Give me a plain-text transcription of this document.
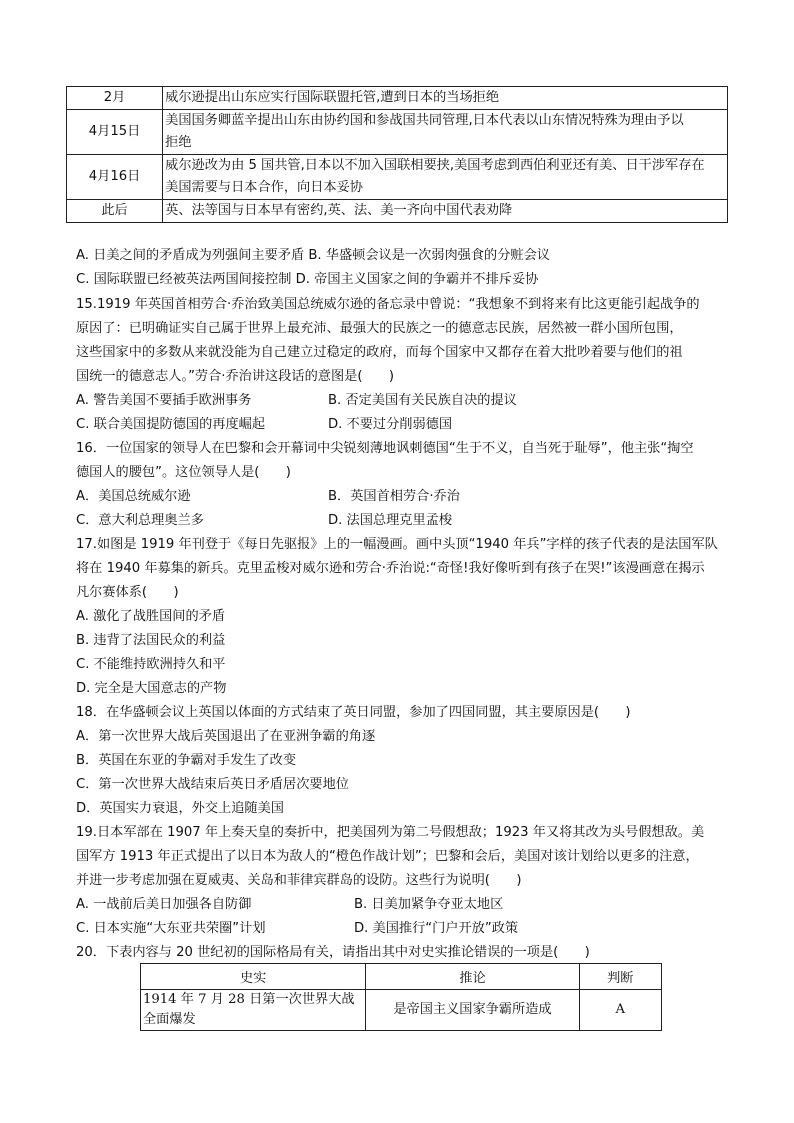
2月	威尔逊提出山东应实行国际联盟托管,遭到日本的当场拒绝
4月15日	美国国务卿蓝辛提出山东由协约国和参战国共同管理,日本代表以山东情况特殊为理由予以
拒绝
4月16日	威尔逊改为由 5 国共管,日本以不加入国联相要挟,美国考虑到西伯利亚还有美、日干涉军存在
美国需要与日本合作，向日本妥协
此后	英、法等国与日本早有密约,英、法、美一齐向中国代表劝降
A. 日美之间的矛盾成为列强间主要矛盾 B. 华盛顿会议是一次弱肉强食的分赃会议
C. 国际联盟已经被英法两国间接控制 D. 帝国主义国家之间的争霸并不排斥妥协
15.1919 年英国首相劳合·乔治致美国总统威尔逊的备忘录中曾说：“我想象不到将来有比这更能引起战争的
原因了：已明确证实自己属于世界上最充沛、最强大的民族之一的德意志民族，居然被一群小国所包围，
这些国家中的多数从来就没能为自己建立过稳定的政府，而每个国家中又都存在着大批吵着要与他们的祖
国统一的德意志人。”劳合·乔治讲这段话的意图是(　　)
A. 警告美国不要插手欧洲事务	B. 否定美国有关民族自决的提议
C. 联合美国提防德国的再度崛起	D. 不要过分削弱德国
16．一位国家的领导人在巴黎和会开幕词中尖锐刻薄地讽刺德国“生于不义，自当死于耻辱”，他主张“掏空
德国人的腰包”。这位领导人是(　　)
A．美国总统威尔逊	B．英国首相劳合·乔治
C．意大利总理奥兰多	D. 法国总理克里孟梭
17.如图是 1919 年刊登于《每日先驱报》上的一幅漫画。画中头顶“1940 年兵”字样的孩子代表的是法国军队
将在 1940 年募集的新兵。克里孟梭对威尔逊和劳合·乔治说:“奇怪!我好像听到有孩子在哭!”该漫画意在揭示
凡尔赛体系(　　)
A. 激化了战胜国间的矛盾
B. 违背了法国民众的利益
C. 不能维持欧洲持久和平
D. 完全是大国意志的产物
18．在华盛顿会议上英国以体面的方式结束了英日同盟，参加了四国同盟，其主要原因是(　　)
A．第一次世界大战后英国退出了在亚洲争霸的角逐
B．英国在东亚的争霸对手发生了改变
C．第一次世界大战结束后英日矛盾居次要地位
D．英国实力衰退，外交上追随美国
19.日本军部在 1907 年上奏天皇的奏折中，把美国列为第二号假想敌；1923 年又将其改为头号假想敌。美
国军方 1913 年正式提出了以日本为敌人的“橙色作战计划”；巴黎和会后，美国对该计划给以更多的注意，
并进一步考虑加强在夏威夷、关岛和菲律宾群岛的设防。这些行为说明(　　)
A. 一战前后美日加强各自防御	B. 日美加紧争夺亚太地区
C. 日本实施“大东亚共荣圈”计划	D. 美国推行“门户开放”政策
20．下表内容与 20 世纪初的国际格局有关，请指出其中对史实推论错误的一项是(　　)
史实	推论	判断
1914 年 7 月 28 日第一次世界大战
全面爆发	是帝国主义国家争霸所造成	A
